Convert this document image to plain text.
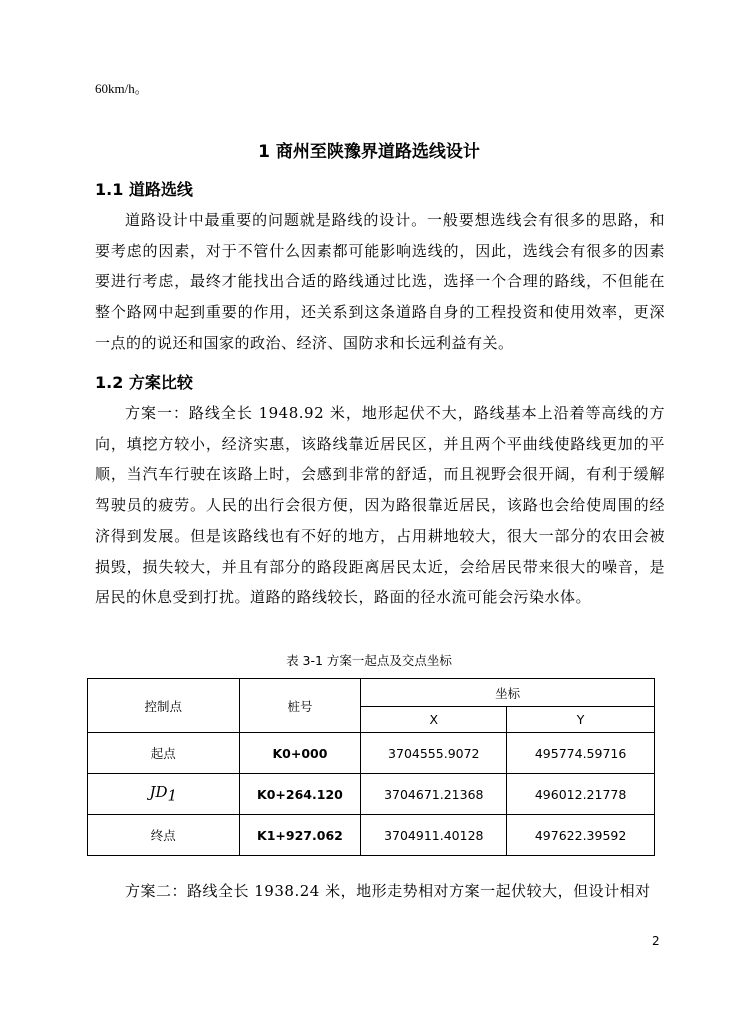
60km/h。
1 商州至陕豫界道路选线设计
1.1 道路选线
道路设计中最重要的问题就是路线的设计。一般要想选线会有很多的思路，和要考虑的因素，对于不管什么因素都可能影响选线的，因此，选线会有很多的因素要进行考虑，最终才能找出合适的路线通过比选，选择一个合理的路线，不但能在整个路网中起到重要的作用，还关系到这条道路自身的工程投资和使用效率，更深一点的的说还和国家的政治、经济、国防求和长远利益有关。
1.2 方案比较
方案一：路线全长 1948.92 米，地形起伏不大，路线基本上沿着等高线的方向，填挖方较小，经济实惠，该路线靠近居民区，并且两个平曲线使路线更加的平顺，当汽车行驶在该路上时，会感到非常的舒适，而且视野会很开阔，有利于缓解驾驶员的疲劳。人民的出行会很方便，因为路很靠近居民，该路也会给使周围的经济得到发展。但是该路线也有不好的地方，占用耕地较大，很大一部分的农田会被损毁，损失较大，并且有部分的路段距离居民太近，会给居民带来很大的噪音，是居民的休息受到打扰。道路的路线较长，路面的径水流可能会污染水体。
表 3-1 方案一起点及交点坐标
控制点	桩号	坐标	
		X	Y
起点	K0+000	3704555.9072	495774.59716
$JD_1$	K0+264.120	3704671.21368	496012.21778
终点	K1+927.062	3704911.40128	497622.39592
方案二：路线全长 1938.24 米，地形走势相对方案一起伏较大，但设计相对
2
